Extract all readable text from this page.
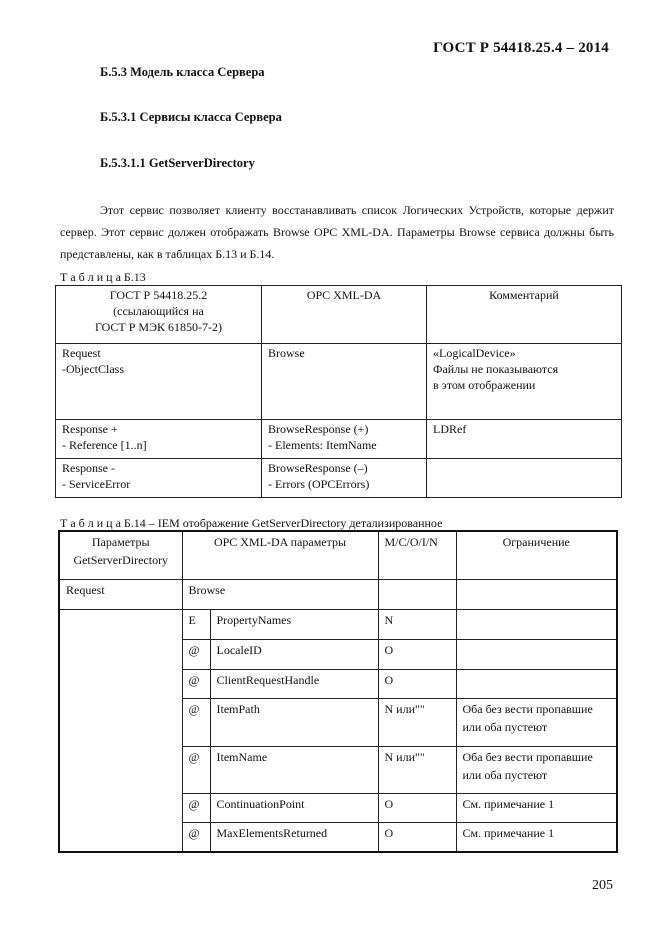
ГОСТ Р 54418.25.4 – 2014
Б.5.3 Модель класса Сервера
Б.5.3.1 Сервисы класса Сервера
Б.5.3.1.1 GetServerDirectory
Этот сервис позволяет клиенту восстанавливать список Логических Устройств, которые держит сервер. Этот сервис должен отображать Browse OPC XML-DA. Параметры Browse сервиса должны быть представлены, как в таблицах Б.13 и Б.14.
Т а б л и ц а Б.13
ГОСТ Р 54418.25.2
(ссылающийся на
ГОСТ Р МЭК 61850-7-2)	OPC XML-DA	Комментарий
Request
-ObjectClass	Browse	«LogicalDevice»
Файлы не показываются
в этом отображении
Response +
- Reference [1..n]	BrowseResponse (+)
- Elements: ItemName	LDRef
Response -
- ServiceError	BrowseResponse (–)
- Errors (OPCErrors)	
Т а б л и ц а Б.14 – IEM отображение GetServerDirectory детализированное
Параметры
GetServerDirectory	OPC XML-DA параметры	M/C/O/I/N	Ограничение
Request	Browse		
	E	PropertyNames	N	
@	LocaleID	O	
@	ClientRequestHandle	O	
@	ItemPath	N или""	Оба без вести пропавшие или оба пустеют
@	ItemName	N или""	Оба без вести пропавшие или оба пустеют
@	ContinuationPoint	O	См. примечание 1
@	MaxElementsReturned	O	См. примечание 1
205
